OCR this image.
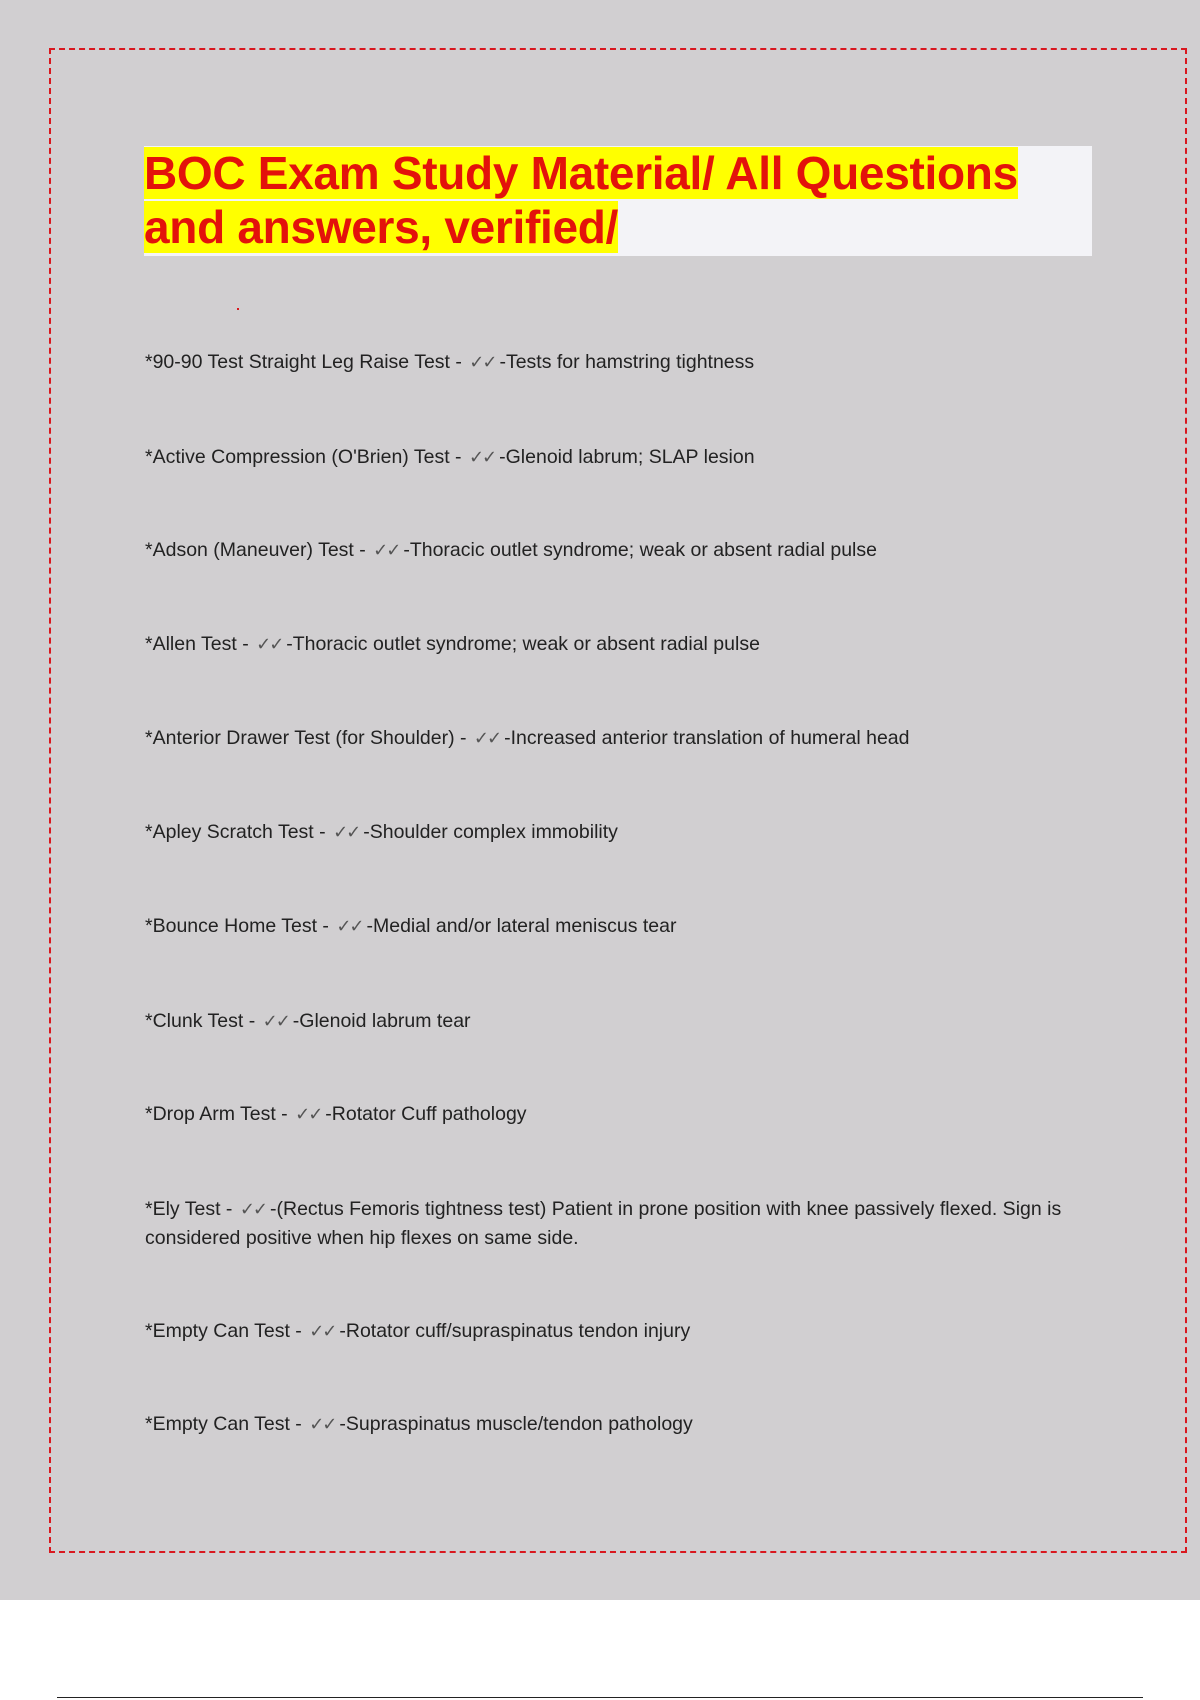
BOC Exam Study Material/ All Questions
and answers, verified/
*90-90 Test Straight Leg Raise Test - ✓✓ -Tests for hamstring tightness
*Active Compression (O'Brien) Test - ✓✓ -Glenoid labrum; SLAP lesion
*Adson (Maneuver) Test - ✓✓ -Thoracic outlet syndrome; weak or absent radial pulse
*Allen Test - ✓✓ -Thoracic outlet syndrome; weak or absent radial pulse
*Anterior Drawer Test (for Shoulder) - ✓✓ -Increased anterior translation of humeral head
*Apley Scratch Test - ✓✓ -Shoulder complex immobility
*Bounce Home Test - ✓✓ -Medial and/or lateral meniscus tear
*Clunk Test - ✓✓ -Glenoid labrum tear
*Drop Arm Test - ✓✓ -Rotator Cuff pathology
*Ely Test - ✓✓ -(Rectus Femoris tightness test) Patient in prone position with knee passively flexed. Sign is considered positive when hip flexes on same side.
*Empty Can Test - ✓✓ -Rotator cuff/supraspinatus tendon injury
*Empty Can Test - ✓✓ -Supraspinatus muscle/tendon pathology
